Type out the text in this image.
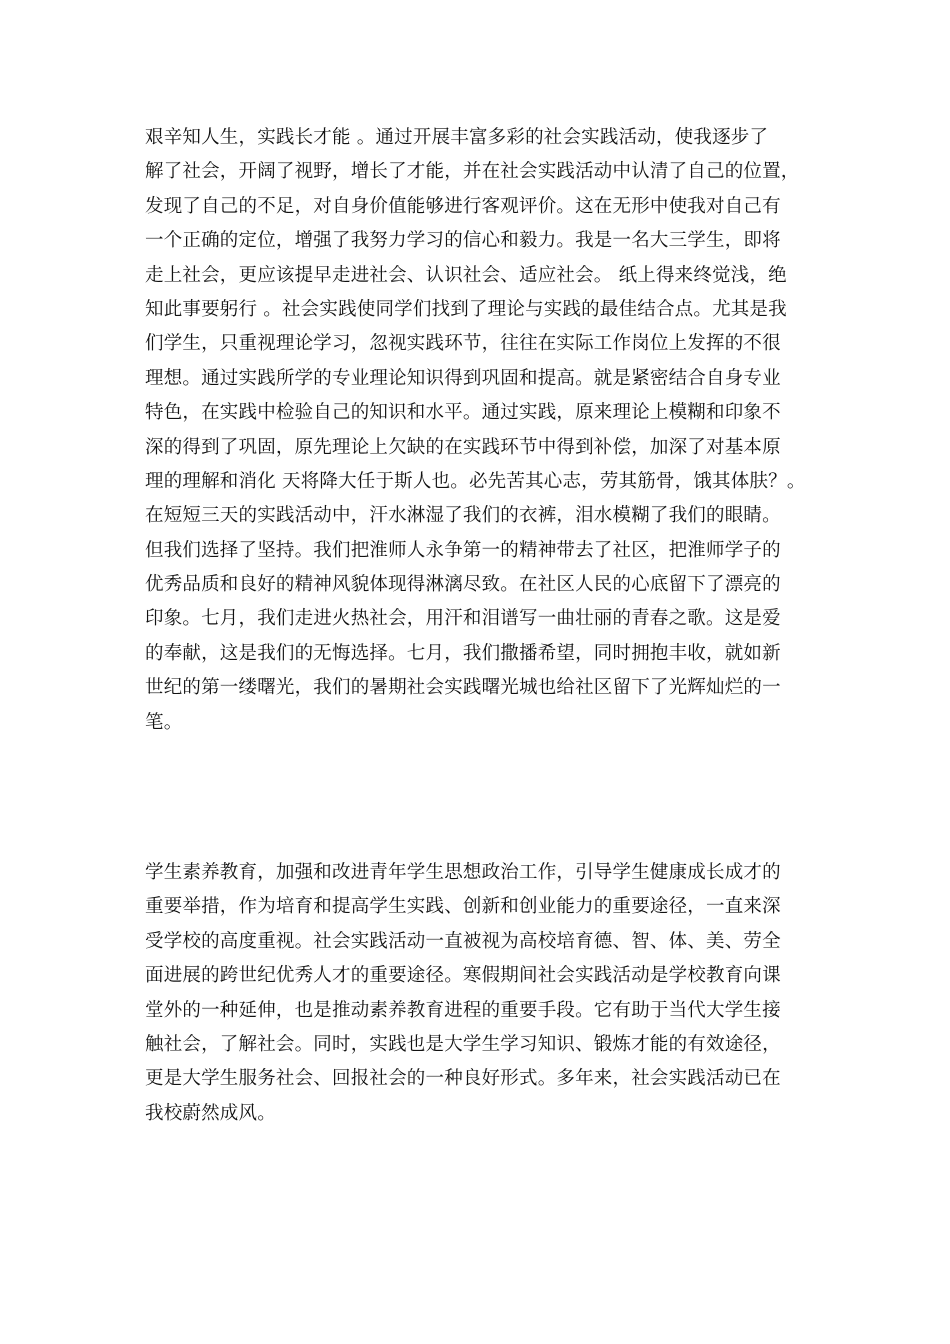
艰辛知人生，实践长才能 。通过开展丰富多彩的社会实践活动，使我逐步了
解了社会，开阔了视野，增长了才能，并在社会实践活动中认清了自己的位置，
发现了自己的不足，对自身价值能够进行客观评价。这在无形中使我对自己有
一个正确的定位，增强了我努力学习的信心和毅力。我是一名大三学生，即将
走上社会，更应该提早走进社会、认识社会、适应社会。 纸上得来终觉浅，绝
知此事要躬行 。社会实践使同学们找到了理论与实践的最佳结合点。尤其是我
们学生，只重视理论学习，忽视实践环节，往往在实际工作岗位上发挥的不很
理想。通过实践所学的专业理论知识得到巩固和提高。就是紧密结合自身专业
特色，在实践中检验自己的知识和水平。通过实践，原来理论上模糊和印象不
深的得到了巩固，原先理论上欠缺的在实践环节中得到补偿，加深了对基本原
理的理解和消化 天将降大任于斯人也。必先苦其心志，劳其筋骨，饿其体肤？。
在短短三天的实践活动中，汗水淋湿了我们的衣裤，泪水模糊了我们的眼睛。
但我们选择了坚持。我们把淮师人永争第一的精神带去了社区，把淮师学子的
优秀品质和良好的精神风貌体现得淋漓尽致。在社区人民的心底留下了漂亮的
印象。七月，我们走进火热社会，用汗和泪谱写一曲壮丽的青春之歌。这是爱
的奉献，这是我们的无悔选择。七月，我们撒播希望，同时拥抱丰收，就如新
世纪的第一缕曙光，我们的暑期社会实践曙光城也给社区留下了光辉灿烂的一
笔。
学生素养教育，加强和改进青年学生思想政治工作，引导学生健康成长成才的
重要举措，作为培育和提高学生实践、创新和创业能力的重要途径，一直来深
受学校的高度重视。社会实践活动一直被视为高校培育德、智、体、美、劳全
面进展的跨世纪优秀人才的重要途径。寒假期间社会实践活动是学校教育向课
堂外的一种延伸，也是推动素养教育进程的重要手段。它有助于当代大学生接
触社会，了解社会。同时，实践也是大学生学习知识、锻炼才能的有效途径，
更是大学生服务社会、回报社会的一种良好形式。多年来，社会实践活动已在
我校蔚然成风。
